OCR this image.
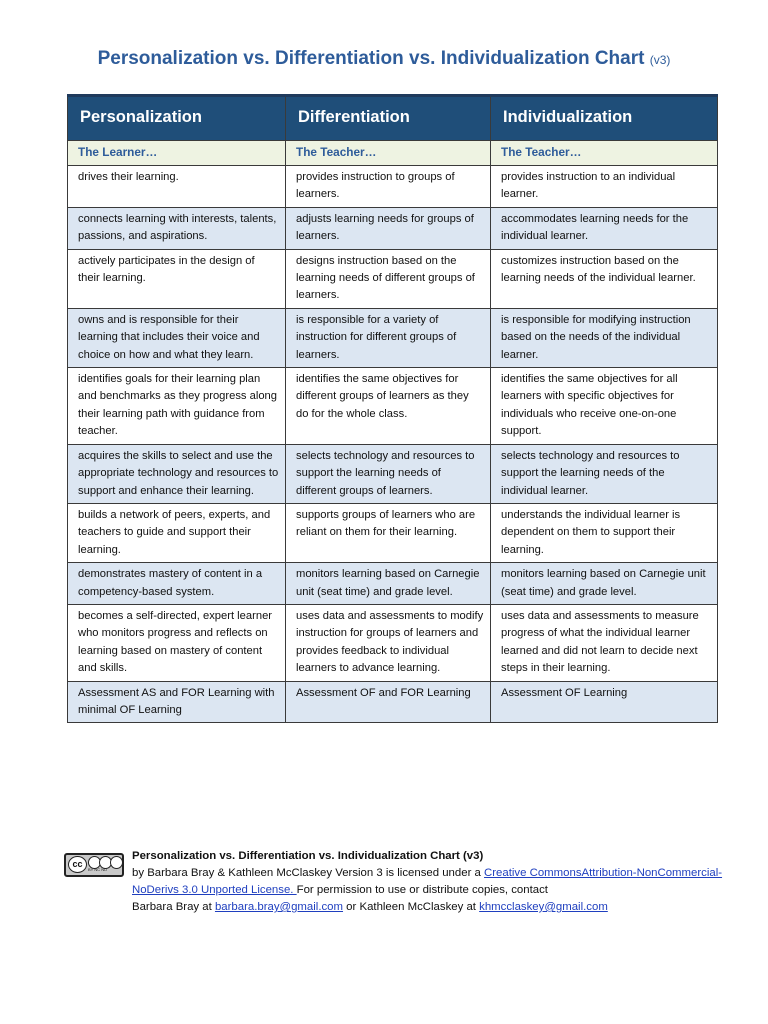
Personalization vs. Differentiation vs. Individualization Chart (v3)
Personalization	Differentiation	Individualization
The Learner…	The Teacher…	The Teacher…
drives their learning.	provides instruction to groups of learners.	provides instruction to an individual learner.
connects learning with interests, talents, passions, and aspirations.	adjusts learning needs for groups of learners.	accommodates learning needs for the individual learner.
actively participates in the design of their learning.	designs instruction based on the learning needs of different groups of learners.	customizes instruction based on the learning needs of the individual learner.
owns and is responsible for their learning that includes their voice and choice on how and what they learn.	is responsible for a variety of instruction for different groups of learners.	is responsible for modifying instruction based on the needs of the individual learner.
identifies goals for their learning plan and benchmarks as they progress along their learning path with guidance from teacher.	identifies the same objectives for different groups of learners as they do for the whole class.	identifies the same objectives for all learners with specific objectives for individuals who receive one-on-one support.
acquires the skills to select and use the appropriate technology and resources to support and enhance their learning.	selects technology and resources to support the learning needs of different groups of learners.	selects technology and resources to support the learning needs of the individual learner.
builds a network of peers, experts, and teachers to guide and support their learning.	supports groups of learners who are reliant on them for their learning.	understands the individual learner is dependent on them to support their learning.
demonstrates mastery of content in a competency-based system.	monitors learning based on Carnegie unit (seat time) and grade level.	monitors learning based on Carnegie unit (seat time) and grade level.
becomes a self-directed, expert learner who monitors progress and reflects on learning based on mastery of content and skills.	uses data and assessments to modify instruction for groups of learners and provides feedback to individual learners to advance learning.	uses data and assessments to measure progress of what the individual learner learned and did not learn to decide next steps in their learning.
Assessment AS and FOR Learning with minimal OF Learning	Assessment OF and FOR Learning	Assessment OF Learning
cc
BY NC ND
Personalization vs. Differentiation vs. Individualization Chart (v3)
by Barbara Bray & Kathleen McClaskey Version 3 is licensed under a Creative CommonsAttribution-NonCommercial-NoDerivs 3.0 Unported License. For permission to use or distribute copies, contact
Barbara Bray at barbara.bray@gmail.com or Kathleen McClaskey at khmcclaskey@gmail.com
